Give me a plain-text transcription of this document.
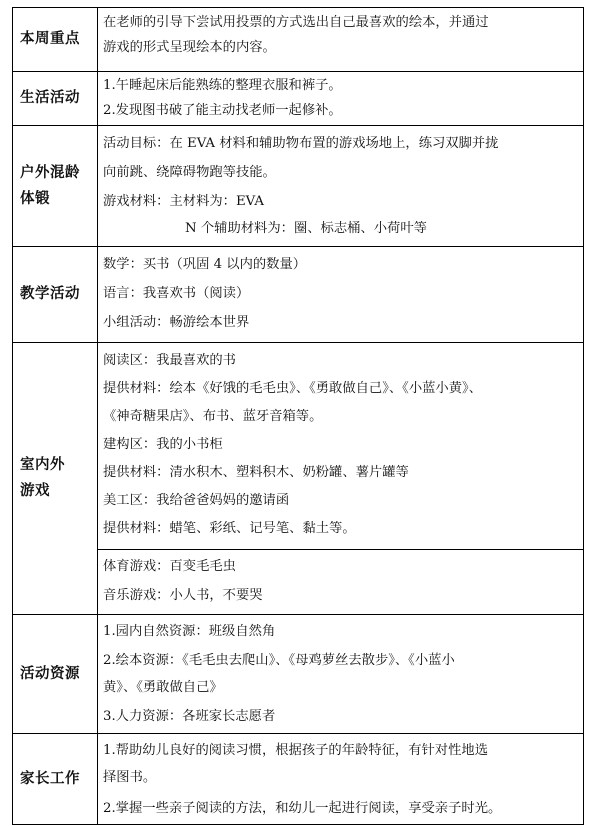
本周重点
在老师的引导下尝试用投票的方式选出自己最喜欢的绘本，并通过
游戏的形式呈现绘本的内容。
生活活动
1.午睡起床后能熟练的整理衣服和裤子。
2.发现图书破了能主动找老师一起修补。
户外混龄
体锻
活动目标：在 EVA 材料和辅助物布置的游戏场地上，练习双脚并拢
向前跳、绕障碍物跑等技能。
游戏材料：主材料为：EVA
N 个辅助材料为：圈、标志桶、小荷叶等
教学活动
数学：买书（巩固 4 以内的数量）
语言：我喜欢书（阅读）
小组活动：畅游绘本世界
室内外
游戏
阅读区：我最喜欢的书
提供材料：绘本《好饿的毛毛虫》、《勇敢做自己》、《小蓝小黄》、
《神奇糖果店》、布书、蓝牙音箱等。
建构区：我的小书柜
提供材料：清水积木、塑料积木、奶粉罐、薯片罐等
美工区：我给爸爸妈妈的邀请函
提供材料：蜡笔、彩纸、记号笔、黏土等。
体育游戏：百变毛毛虫
音乐游戏：小人书，不要哭
活动资源
1.园内自然资源：班级自然角
2.绘本资源：《毛毛虫去爬山》、《母鸡萝丝去散步》、《小蓝小
黄》、《勇敢做自己》
3.人力资源：各班家长志愿者
家长工作
1.帮助幼儿良好的阅读习惯，根据孩子的年龄特征，有针对性地选
择图书。
2.掌握一些亲子阅读的方法，和幼儿一起进行阅读，享受亲子时光。
